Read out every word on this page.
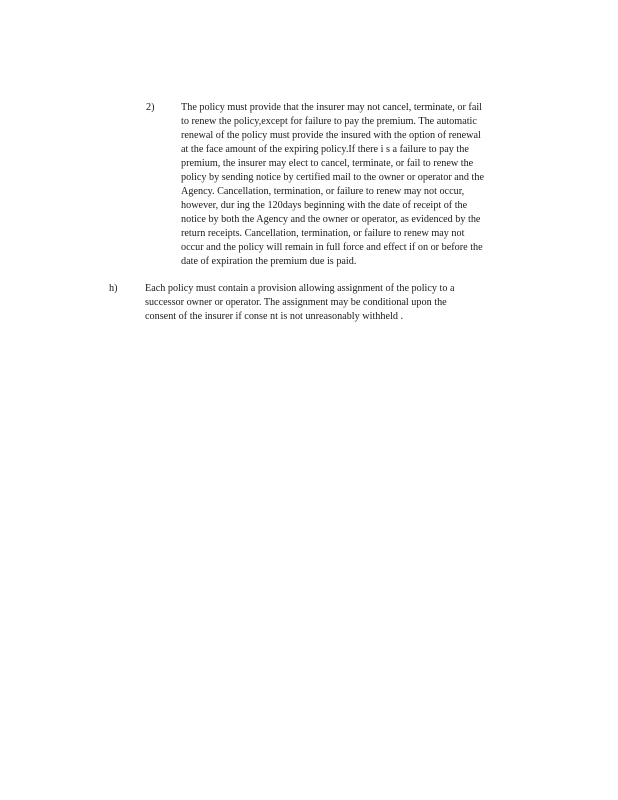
2)	The policy must provide that the insurer may not cancel, terminate, or fail

to renew the policy,except for failure to pay the premium. The automatic

renewal of the policy must provide the insured with the option of renewal

at the face amount of the expiring policy.If there i s a failure to pay the

premium, the insurer may elect to cancel, terminate, or fail to renew the

policy by sending notice by certified mail to the owner or operator and the

Agency. Cancellation, termination, or failure to renew may not occur,

however, dur ing the 120days beginning with the date of receipt of the

notice by both the Agency and the owner or operator, as evidenced by the

return receipts. Cancellation, termination, or failure to renew may not

occur and the policy will remain in full force and effect if on or before the

date of expiration the premium due is paid.

h)	Each policy must contain a provision allowing assignment of the policy to a

successor owner or operator. The assignment may be conditional upon the

consent of the insurer if conse nt is not unreasonably withheld .
